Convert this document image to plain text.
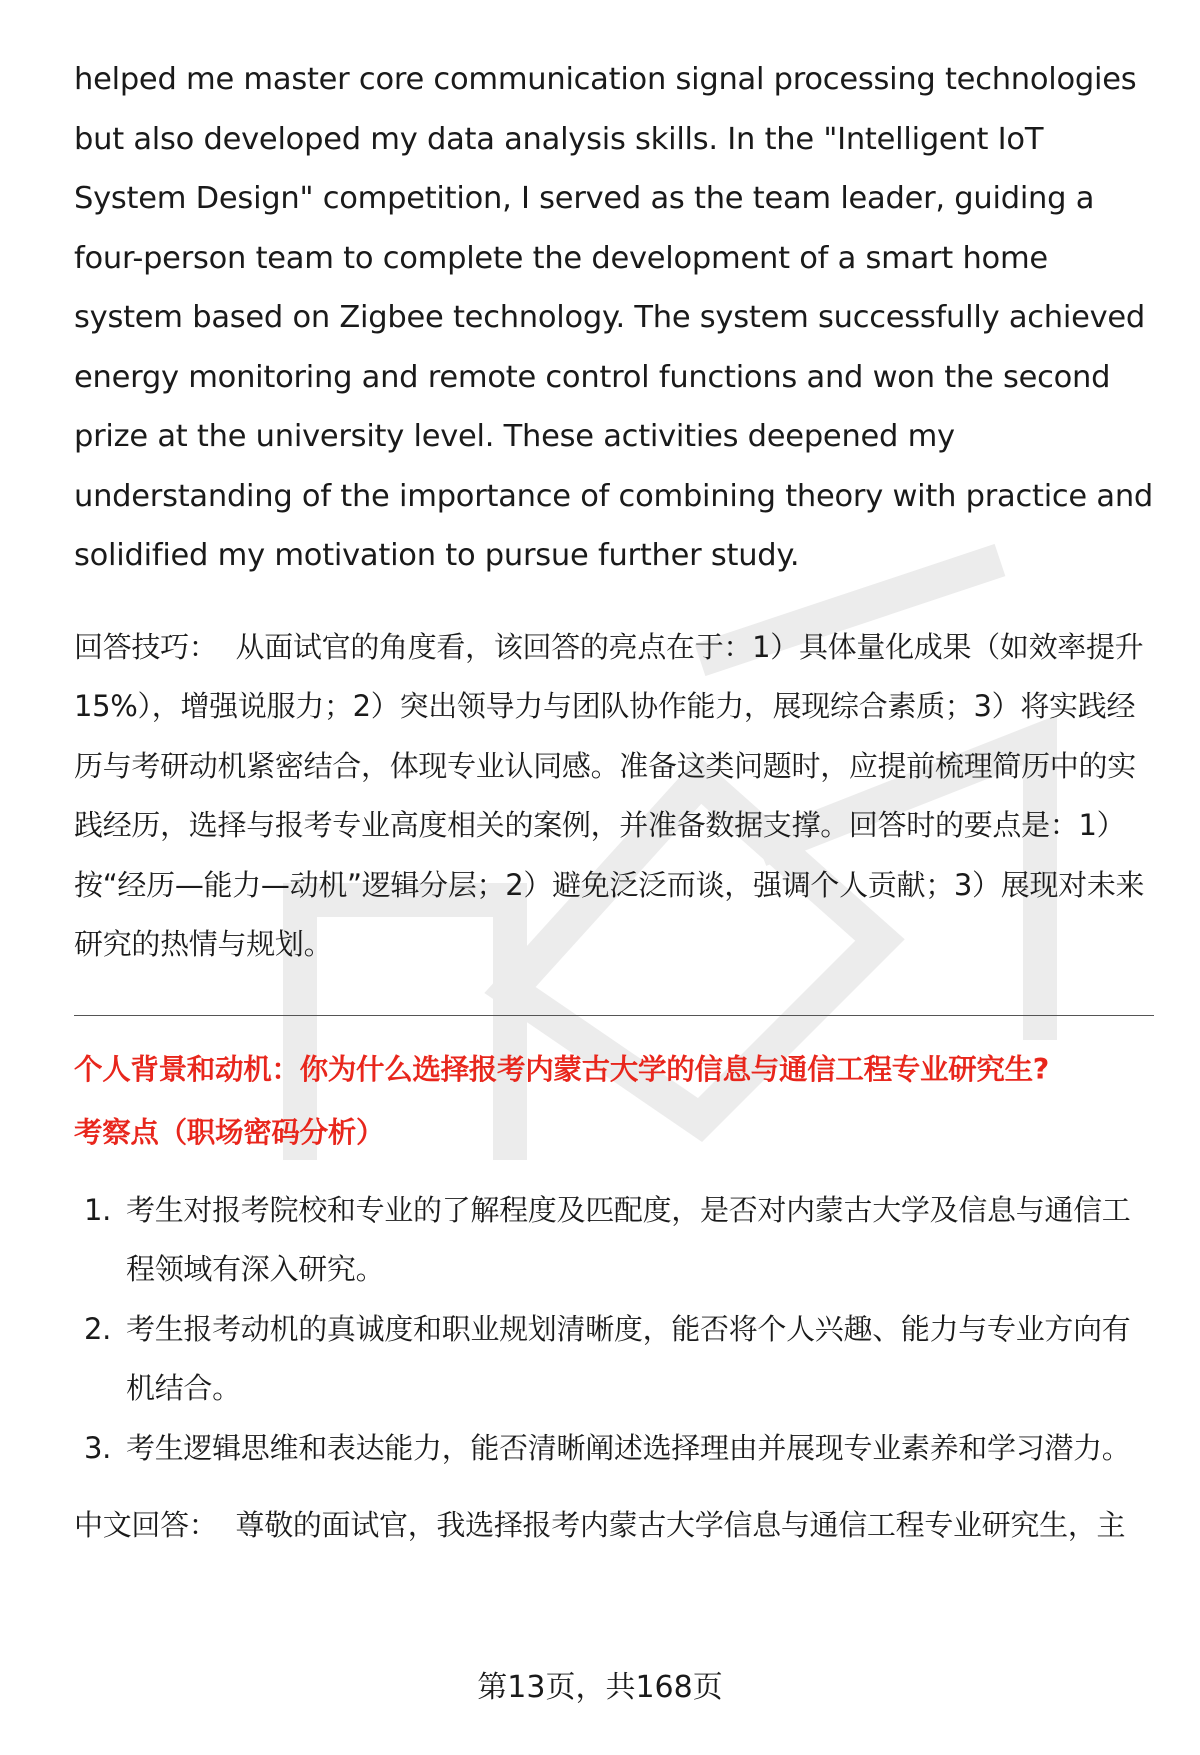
helped me master core communication signal processing technologies but also developed my data analysis skills. In the "Intelligent IoT System Design" competition, I served as the team leader, guiding a four-person team to complete the development of a smart home system based on Zigbee technology. The system successfully achieved energy monitoring and remote control functions and won the second prize at the university level. These activities deepened my understanding of the importance of combining theory with practice and solidified my motivation to pursue further study.

回答技巧： 从面试官的角度看，该回答的亮点在于：1）具体量化成果（如效率提升15%），增强说服力；2）突出领导力与团队协作能力，展现综合素质；3）将实践经历与考研动机紧密结合，体现专业认同感。准备这类问题时，应提前梳理简历中的实践经历，选择与报考专业高度相关的案例，并准备数据支撑。回答时的要点是：1）按“经历—能力—动机”逻辑分层；2）避免泛泛而谈，强调个人贡献；3）展现对未来研究的热情与规划。

个人背景和动机：你为什么选择报考内蒙古大学的信息与通信工程专业研究生?
考察点（职场密码分析）
1. 考生对报考院校和专业的了解程度及匹配度，是否对内蒙古大学及信息与通信工程领域有深入研究。
2. 考生报考动机的真诚度和职业规划清晰度，能否将个人兴趣、能力与专业方向有机结合。
3. 考生逻辑思维和表达能力，能否清晰阐述选择理由并展现专业素养和学习潜力。

中文回答： 尊敬的面试官，我选择报考内蒙古大学信息与通信工程专业研究生，主

第13页，共168页
